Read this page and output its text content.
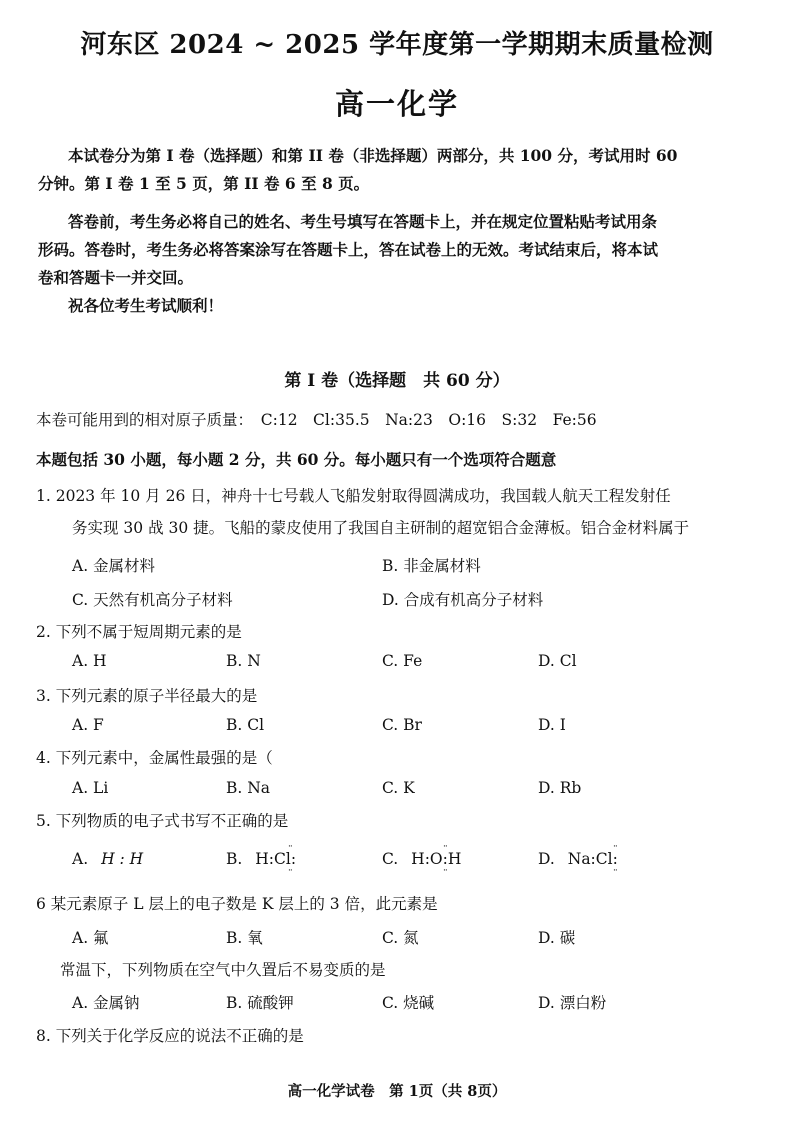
河东区 2024 ~ 2025 学年度第一学期期末质量检测
高一化学
本试卷分为第 I 卷（选择题）和第 II 卷（非选择题）两部分，共 100 分，考试用时 60
分钟。第 I 卷 1 至 5 页，第 II 卷 6 至 8 页。
答卷前，考生务必将自己的姓名、考生号填写在答题卡上，并在规定位置粘贴考试用条
形码。答卷时，考生务必将答案涂写在答题卡上，答在试卷上的无效。考试结束后，将本试
卷和答题卡一并交回。
祝各位考生考试顺利！
第 I 卷（选择题　共 60 分）
本卷可能用到的相对原子质量：　C:12　Cl:35.5　Na:23　O:16　S:32　Fe:56
本题包括 30 小题，每小题 2 分，共 60 分。每小题只有一个选项符合题意
1. 2023 年 10 月 26 日，神舟十七号载人飞船发射取得圆满成功，我国载人航天工程发射任
务实现 30 战 30 捷。飞船的蒙皮使用了我国自主研制的超宽铝合金薄板。铝合金材料属于
A. 金属材料	B. 非金属材料
C. 天然有机高分子材料	D. 合成有机高分子材料
2. 下列不属于短周期元素的是
A. H	B. N	C. Fe	D. Cl
3. 下列元素的原子半径最大的是
A. F	B. Cl	C. Br	D. I
4. 下列元素中，金属性最强的是（
A. Li	B. Na	C. K	D. Rb
5. 下列物质的电子式书写不正确的是
A. H : H	B. H:Cl:	C. H:O:H	D. Na:Cl:
··
··
··
··
··
··
6 某元素原子 L 层上的电子数是 K 层上的 3 倍，此元素是
A. 氟	B. 氧	C. 氮	D. 碳
常温下，下列物质在空气中久置后不易变质的是
A. 金属钠	B. 硫酸钾	C. 烧碱	D. 漂白粉
8. 下列关于化学反应的说法不正确的是
高一化学试卷　第 1页（共 8页）
